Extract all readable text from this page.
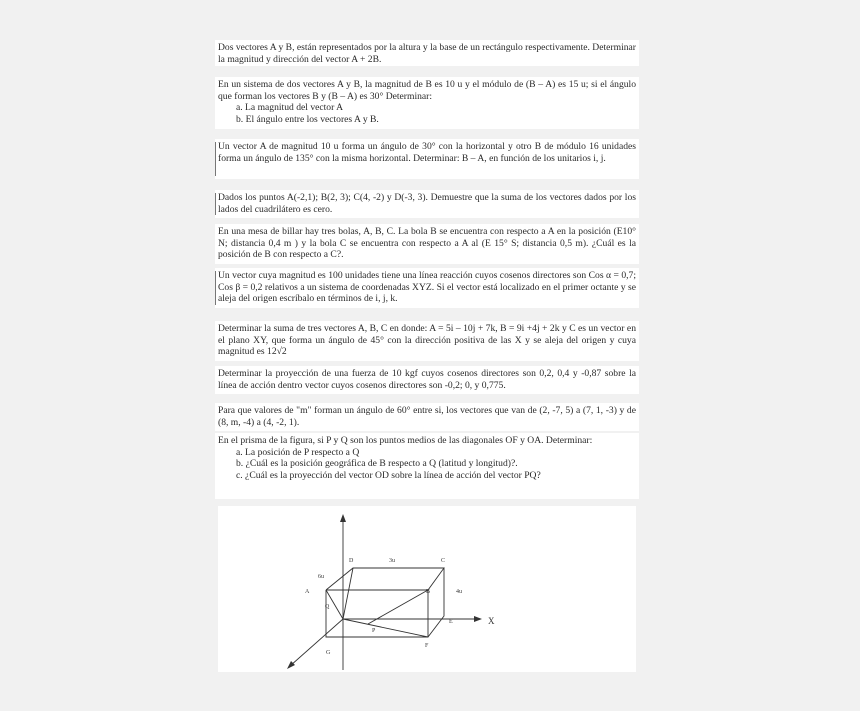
Dos vectores A y B, están representados por la altura y la base de un rectángulo respectivamente. Determinar la magnitud y dirección del vector A + 2B.

En un sistema de dos vectores A y B, la magnitud de B es 10 u y el módulo de (B – A) es 15 u; si el ángulo que forman los vectores B y (B – A) es 30° Determinar:

a. La magnitud del vector A
b. El ángulo entre los vectores A y B.

Un vector A de magnitud 10 u forma un ángulo de 30° con la horizontal y otro B de módulo 16 unidades forma un ángulo de 135° con la misma horizontal. Determinar: B – A, en función de los unitarios i, j.

Dados los puntos A(-2,1); B(2, 3); C(4, -2) y D(-3, 3). Demuestre que la suma de los vectores dados por los lados del cuadrilátero es cero.

En una mesa de billar hay tres bolas, A, B, C. La bola B se encuentra con respecto a A en la posición (E10° N; distancia 0,4 m ) y la bola C se encuentra con respecto a A al (E 15° S; distancia 0,5 m). ¿Cuál es la posición de B con respecto a C?.

Un vector cuya magnitud es 100 unidades tiene una línea reacción cuyos cosenos directores son Cos α = 0,7; Cos β = 0,2 relativos a un sistema de coordenadas XYZ. Si el vector está localizado en el primer octante y se aleja del origen escríbalo en términos de i, j, k.

Determinar la suma de tres vectores A, B, C en donde: A = 5i – 10j + 7k, B = 9i +4j + 2k y C es un vector en el plano XY, que forma un ángulo de 45° con la dirección positiva de las X y se aleja del origen y cuya magnitud es 12√2

Determinar la proyección de una fuerza de 10 kgf cuyos cosenos directores son 0,2, 0,4 y -0,87 sobre la línea de acción dentro vector cuyos cosenos directores son -0,2; 0, y 0,775.

Para que valores de "m" forman un ángulo de 60° entre si, los vectores que van de (2, -7, 5) a (7, 1, -3) y de (8, m, -4) a (4, -2, 1).

En el prisma de la figura, si P y Q son los puntos medios de las diagonales OF y OA. Determinar:

a. La posición de P respecto a Q
b. ¿Cuál es la posición geográfica de B respecto a Q (latitud y longitud)?.
c. ¿Cuál es la proyección del vector OD sobre la línea de acción del vector PQ?
D	3u	C
6u
A	B	4u
Q
E	X
P
F
G
